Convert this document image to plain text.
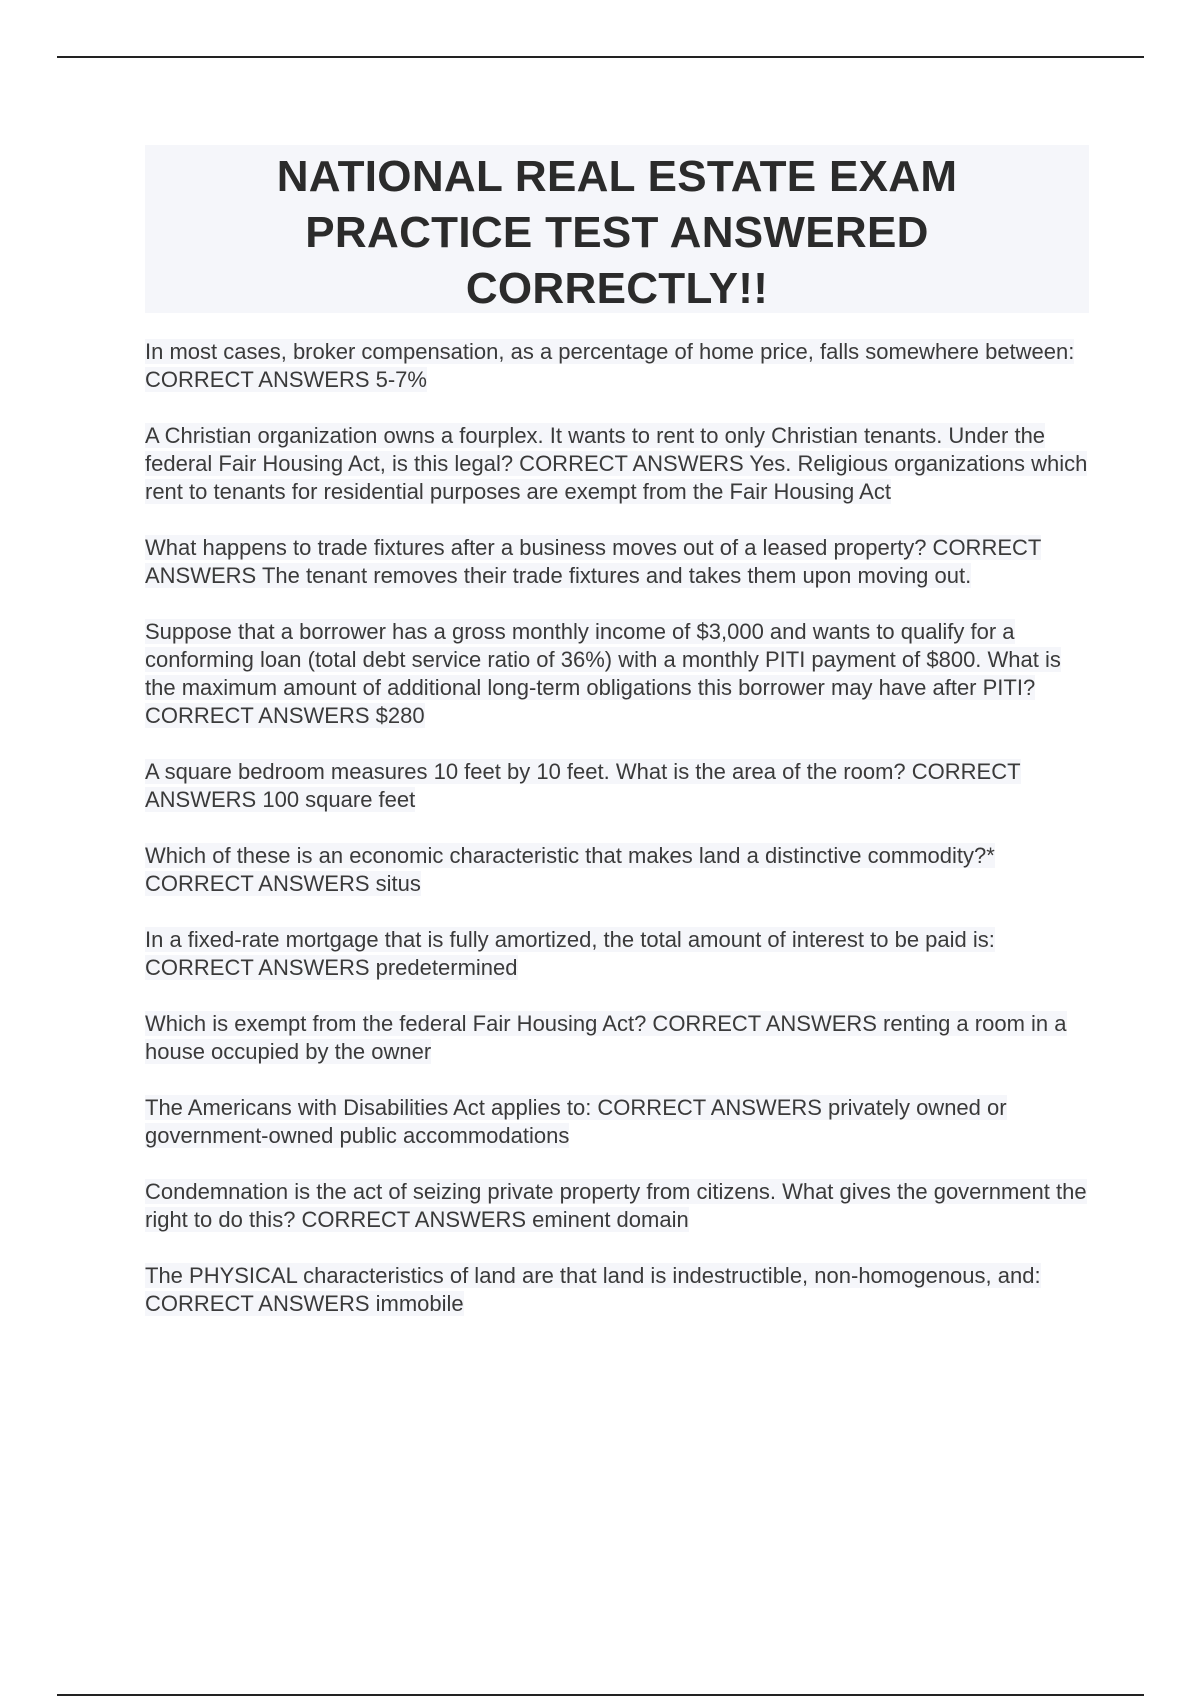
NATIONAL REAL ESTATE EXAM
PRACTICE TEST ANSWERED
CORRECTLY!!

In most cases, broker compensation, as a percentage of home price, falls somewhere between: CORRECT ANSWERS 5-7%

A Christian organization owns a fourplex. It wants to rent to only Christian tenants. Under the federal Fair Housing Act, is this legal? CORRECT ANSWERS Yes. Religious organizations which rent to tenants for residential purposes are exempt from the Fair Housing Act

What happens to trade fixtures after a business moves out of a leased property? CORRECT ANSWERS The tenant removes their trade fixtures and takes them upon moving out.

Suppose that a borrower has a gross monthly income of $3,000 and wants to qualify for a conforming loan (total debt service ratio of 36%) with a monthly PITI payment of $800. What is the maximum amount of additional long-term obligations this borrower may have after PITI? CORRECT ANSWERS $280

A square bedroom measures 10 feet by 10 feet. What is the area of the room? CORRECT ANSWERS 100 square feet

Which of these is an economic characteristic that makes land a distinctive commodity?* CORRECT ANSWERS situs

In a fixed-rate mortgage that is fully amortized, the total amount of interest to be paid is: CORRECT ANSWERS predetermined

Which is exempt from the federal Fair Housing Act? CORRECT ANSWERS renting a room in a house occupied by the owner

The Americans with Disabilities Act applies to: CORRECT ANSWERS privately owned or government-owned public accommodations

Condemnation is the act of seizing private property from citizens. What gives the government the right to do this? CORRECT ANSWERS eminent domain

The PHYSICAL characteristics of land are that land is indestructible, non-homogenous, and: CORRECT ANSWERS immobile
